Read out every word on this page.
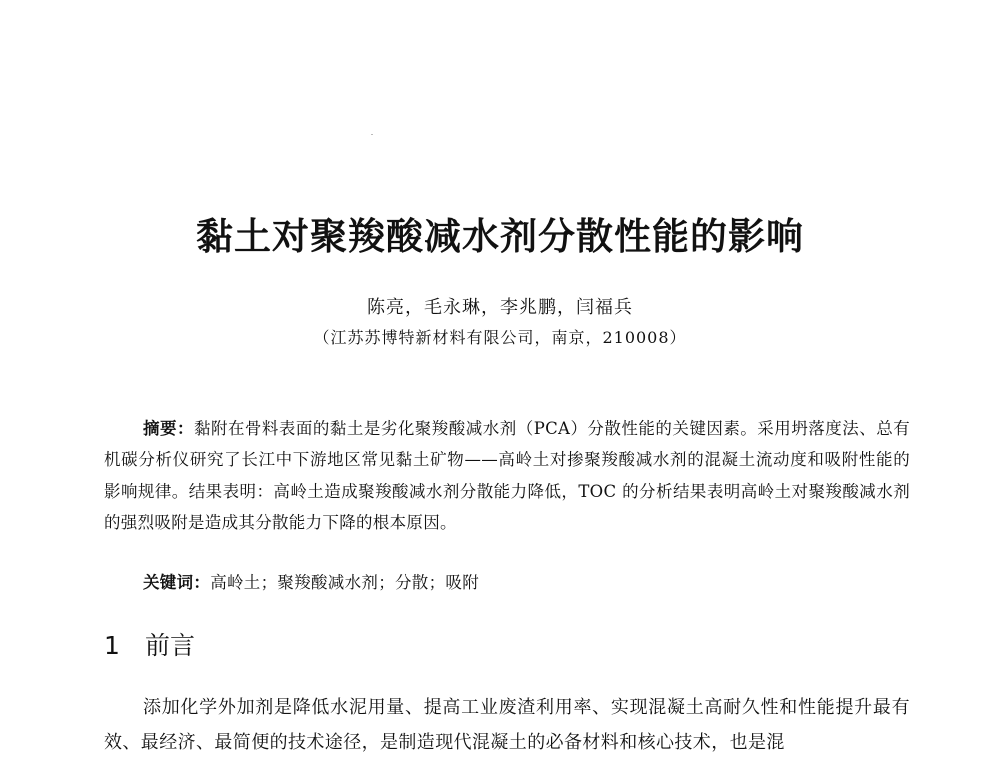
黏土对聚羧酸减水剂分散性能的影响
陈亮，毛永琳，李兆鹏，闫福兵
（江苏苏博特新材料有限公司，南京，210008）

摘要：黏附在骨料表面的黏土是劣化聚羧酸减水剂（PCA）分散性能的关键因素。采用坍落度法、总有机碳分析仪研究了长江中下游地区常见黏土矿物——高岭土对掺聚羧酸减水剂的混凝土流动度和吸附性能的影响规律。结果表明：高岭土造成聚羧酸减水剂分散能力降低，TOC 的分析结果表明高岭土对聚羧酸减水剂的强烈吸附是造成其分散能力下降的根本原因。

关键词：高岭土；聚羧酸减水剂；分散；吸附
1 前言

添加化学外加剂是降低水泥用量、提高工业废渣利用率、实现混凝土高耐久性和性能提升最有效、最经济、最简便的技术途径，是制造现代混凝土的必备材料和核心技术，也是混
